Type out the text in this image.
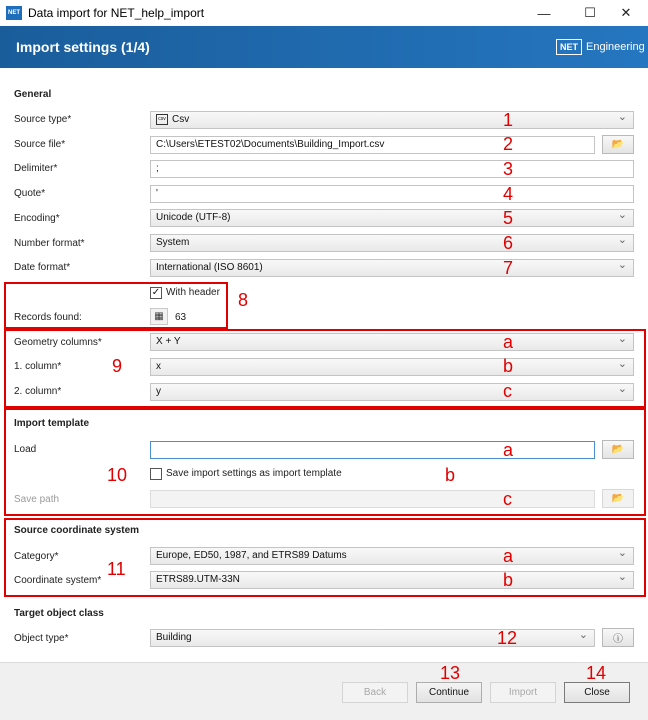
NET Data import for NET_help_import	—	☐	✕
Import settings (1/4)	NET Engineering
General
Source type*	csv Csv ⌄
Source file*	C:\Users\ETEST02\Documents\Building_Import.csv	📂
Delimiter*	;
Quote*	'
Encoding*	Unicode (UTF-8) ⌄
Number format*	System ⌄
Date format*	International (ISO 8601) ⌄
✓ With header
Records found:	▦	63
Geometry columns*	X + Y ⌄
1. column*	x ⌄
2. column*	y ⌄
Import template
Load	📂
Save import settings as import template
Save path	📂
Source coordinate system
Category*	Europe, ED50, 1987, and ETRS89 Datums ⌄
Coordinate system*	ETRS89.UTM-33N ⌄
Target object class
Object type*	Building ⌄	ⓘ
Back	Continue	Import	Close
1
2
3
4
5
6
7
8
9
a
b
c
10
a
b
c
11
a
b
12
13	14
